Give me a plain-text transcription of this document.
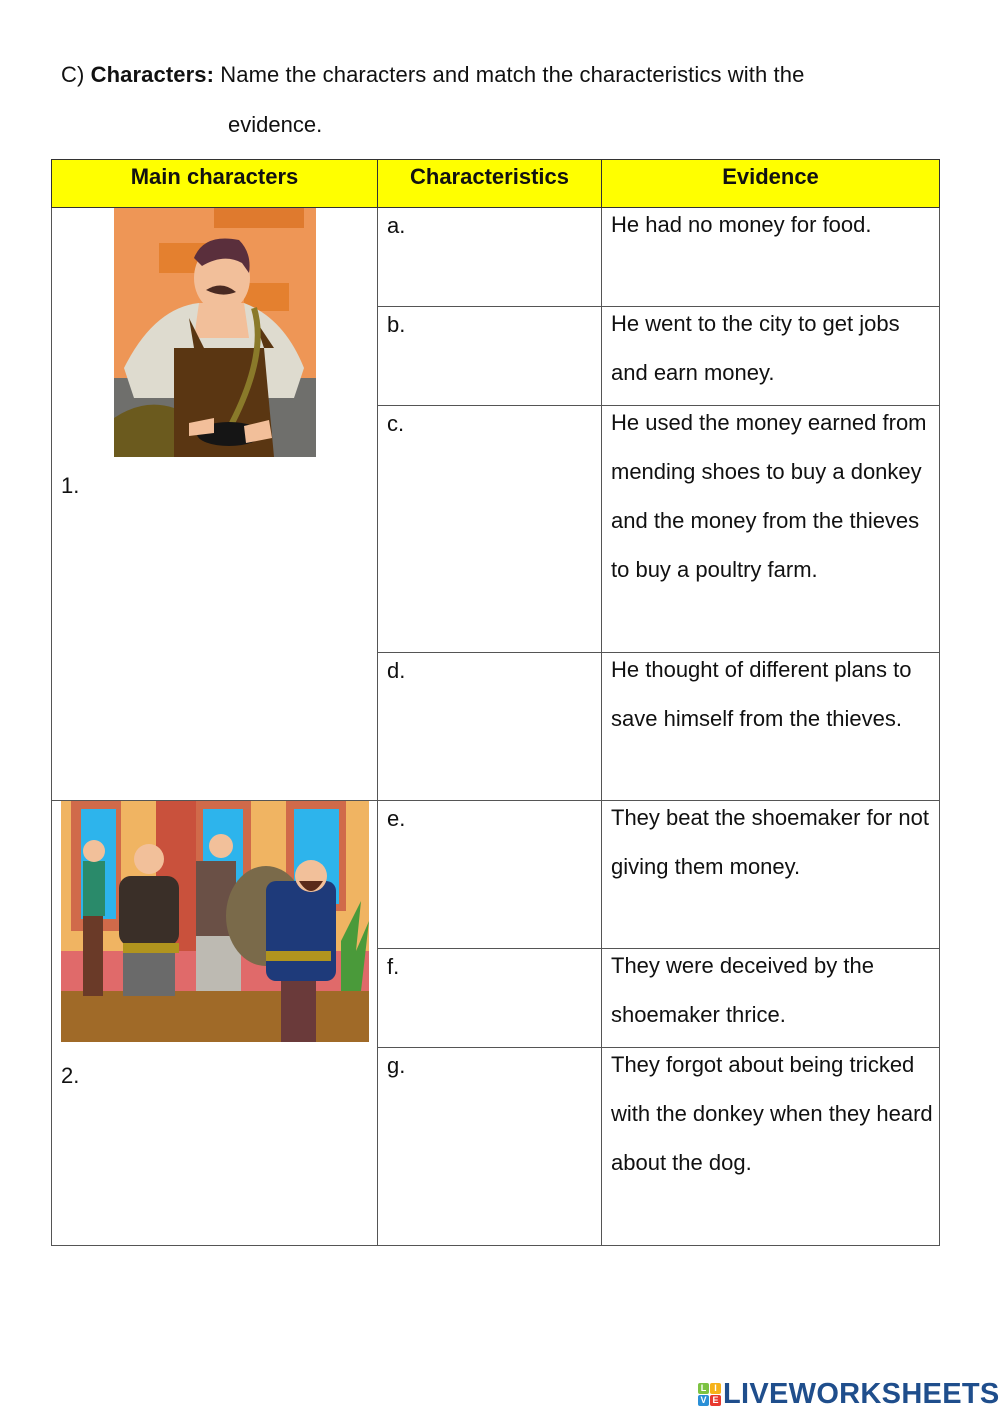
C) Characters: Name the characters and match the characteristics with the
evidence.
Main characters	Characteristics	Evidence

1.	a.	He had no money for food.

	b.	He went to the city to get jobs and earn money.

	c.	He used the money earned from mending shoes to buy a donkey and the money from the thieves to buy a poultry farm.

	d.	He thought of different plans to save himself from the thieves.

2.	e.	They beat the shoemaker for not giving them money.

	f.	They were deceived by the shoemaker thrice.

	g.	They forgot about being tricked with the donkey when they heard about the dog.
L I
V E LIVEWORKSHEETS
